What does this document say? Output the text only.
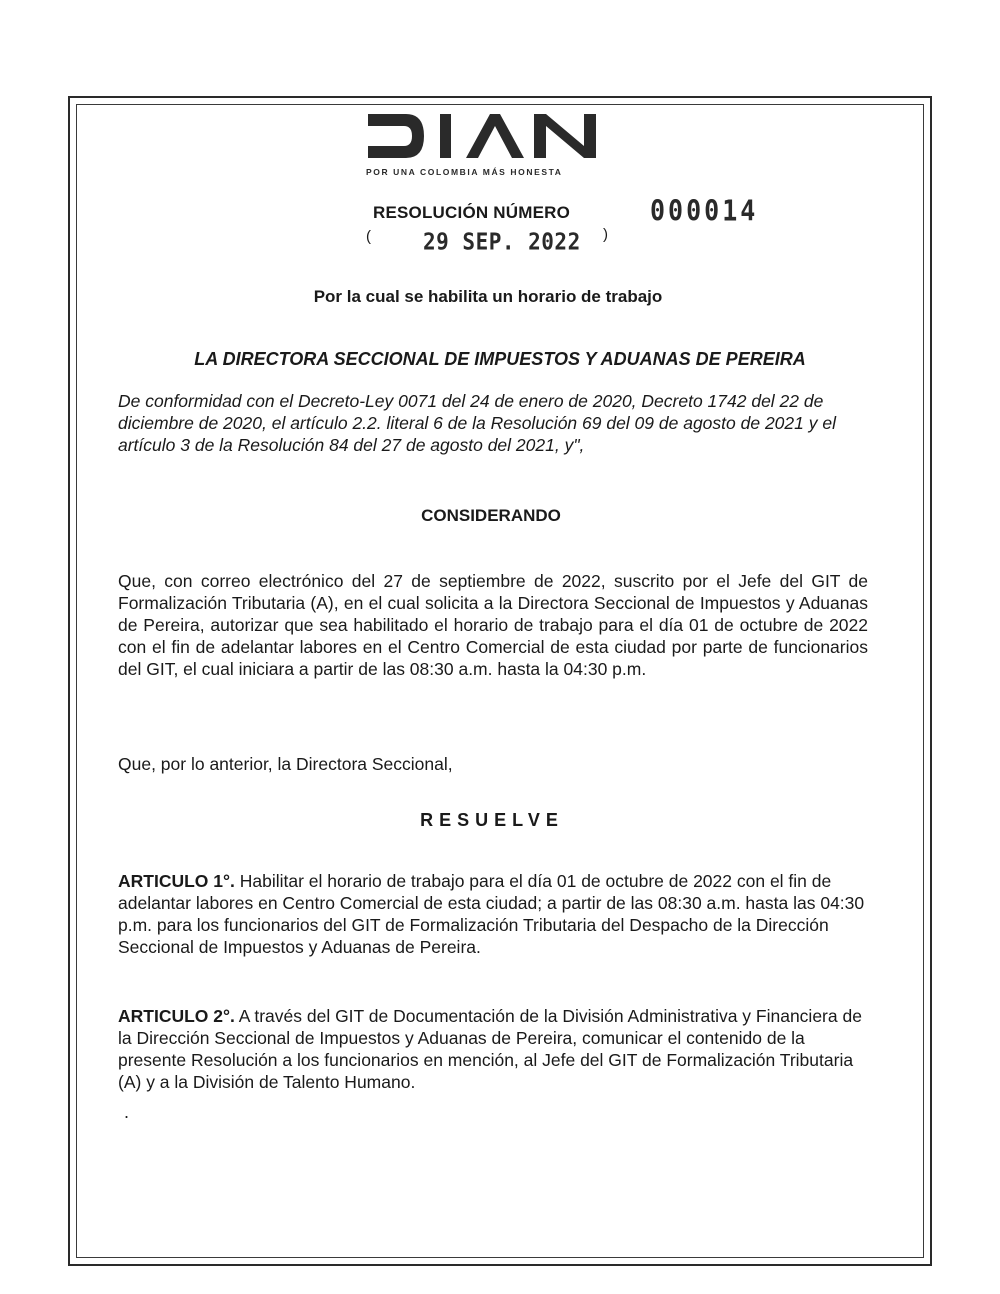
POR UNA COLOMBIA MÁS HONESTA
RESOLUCIÓN NÚMERO	000014
( 29 SEP. 2022 )
Por la cual se habilita un horario de trabajo
LA DIRECTORA SECCIONAL DE IMPUESTOS Y ADUANAS DE PEREIRA
De conformidad con el Decreto-Ley 0071 del 24 de enero de 2020, Decreto 1742 del 22 de diciembre de 2020, el artículo 2.2. literal 6 de la Resolución 69 del 09 de agosto de 2021 y el artículo 3 de la Resolución 84 del 27 de agosto del 2021, y",
CONSIDERANDO
Que, con correo electrónico del 27 de septiembre de 2022, suscrito por el Jefe del GIT de Formalización Tributaria (A), en el cual solicita a la Directora Seccional de Impuestos y Aduanas de Pereira, autorizar que sea habilitado el horario de trabajo para el día 01 de octubre de 2022 con el fin de adelantar labores en el Centro Comercial de esta ciudad por parte de funcionarios del GIT, el cual iniciara a partir de las 08:30 a.m. hasta la 04:30 p.m.
Que, por lo anterior, la Directora Seccional,
RESUELVE
ARTICULO 1°. Habilitar el horario de trabajo para el día 01 de octubre de 2022 con el fin de adelantar labores en Centro Comercial de esta ciudad; a partir de las 08:30 a.m. hasta las 04:30 p.m. para los funcionarios del GIT de Formalización Tributaria del Despacho de la Dirección Seccional de Impuestos y Aduanas de Pereira.
ARTICULO 2°. A través del GIT de Documentación de la División Administrativa y Financiera de la Dirección Seccional de Impuestos y Aduanas de Pereira, comunicar el contenido de la presente Resolución a los funcionarios en mención, al Jefe del GIT de Formalización Tributaria (A) y a la División de Talento Humano.
.
